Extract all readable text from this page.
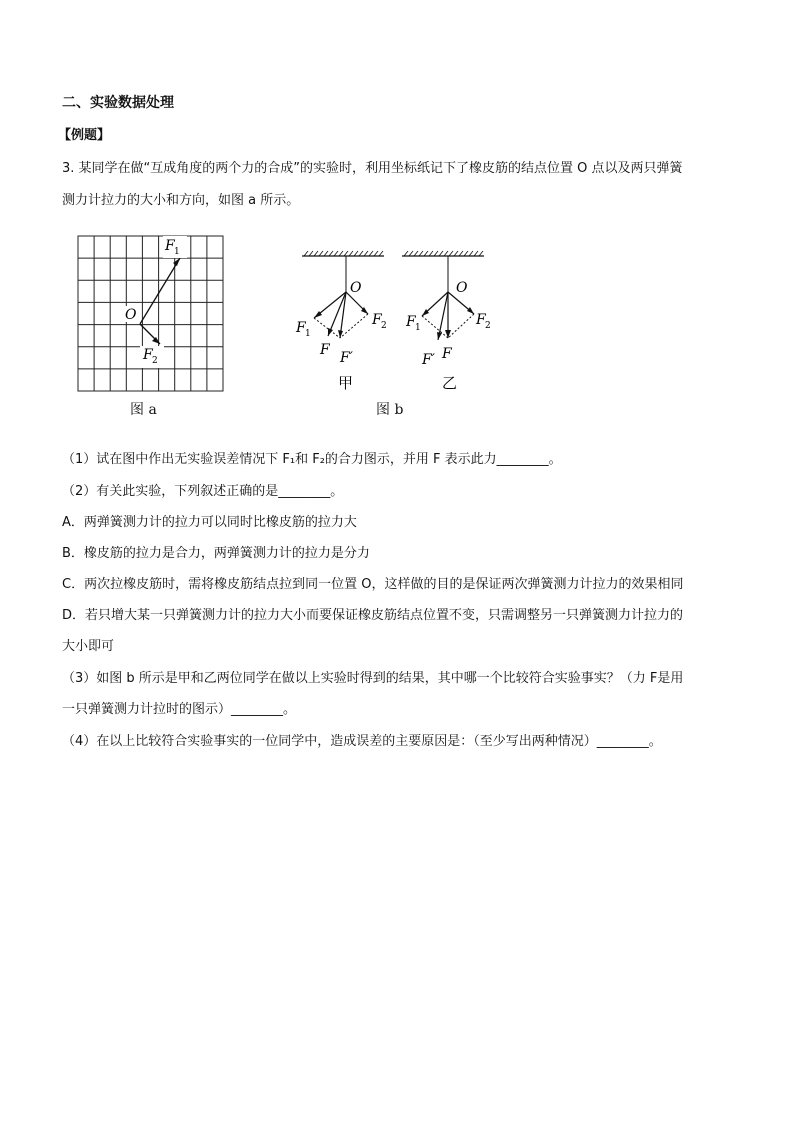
二、实验数据处理
【例题】
3. 某同学在做“互成角度的两个力的合成”的实验时，利用坐标纸记下了橡皮筋的结点位置 O 点以及两只弹簧
测力计拉力的大小和方向，如图 a 所示。
O
F 1
F 2
图 a
O
F 1
F 2
F F′
甲
O
F 1	F 2
F′ F
乙
图 b
（1）试在图中作出无实验误差情况下 F₁和 F₂的合力图示，并用 F 表示此力________。
（2）有关此实验，下列叙述正确的是________。
A．两弹簧测力计的拉力可以同时比橡皮筋的拉力大
B．橡皮筋的拉力是合力，两弹簧测力计的拉力是分力
C．两次拉橡皮筋时，需将橡皮筋结点拉到同一位置 O，这样做的目的是保证两次弹簧测力计拉力的效果相同
D．若只增大某一只弹簧测力计的拉力大小而要保证橡皮筋结点位置不变，只需调整另一只弹簧测力计拉力的
大小即可
（3）如图 b 所示是甲和乙两位同学在做以上实验时得到的结果，其中哪一个比较符合实验事实？（力 F是用
一只弹簧测力计拉时的图示）________。
（4）在以上比较符合实验事实的一位同学中，造成误差的主要原因是：（至少写出两种情况）________。
